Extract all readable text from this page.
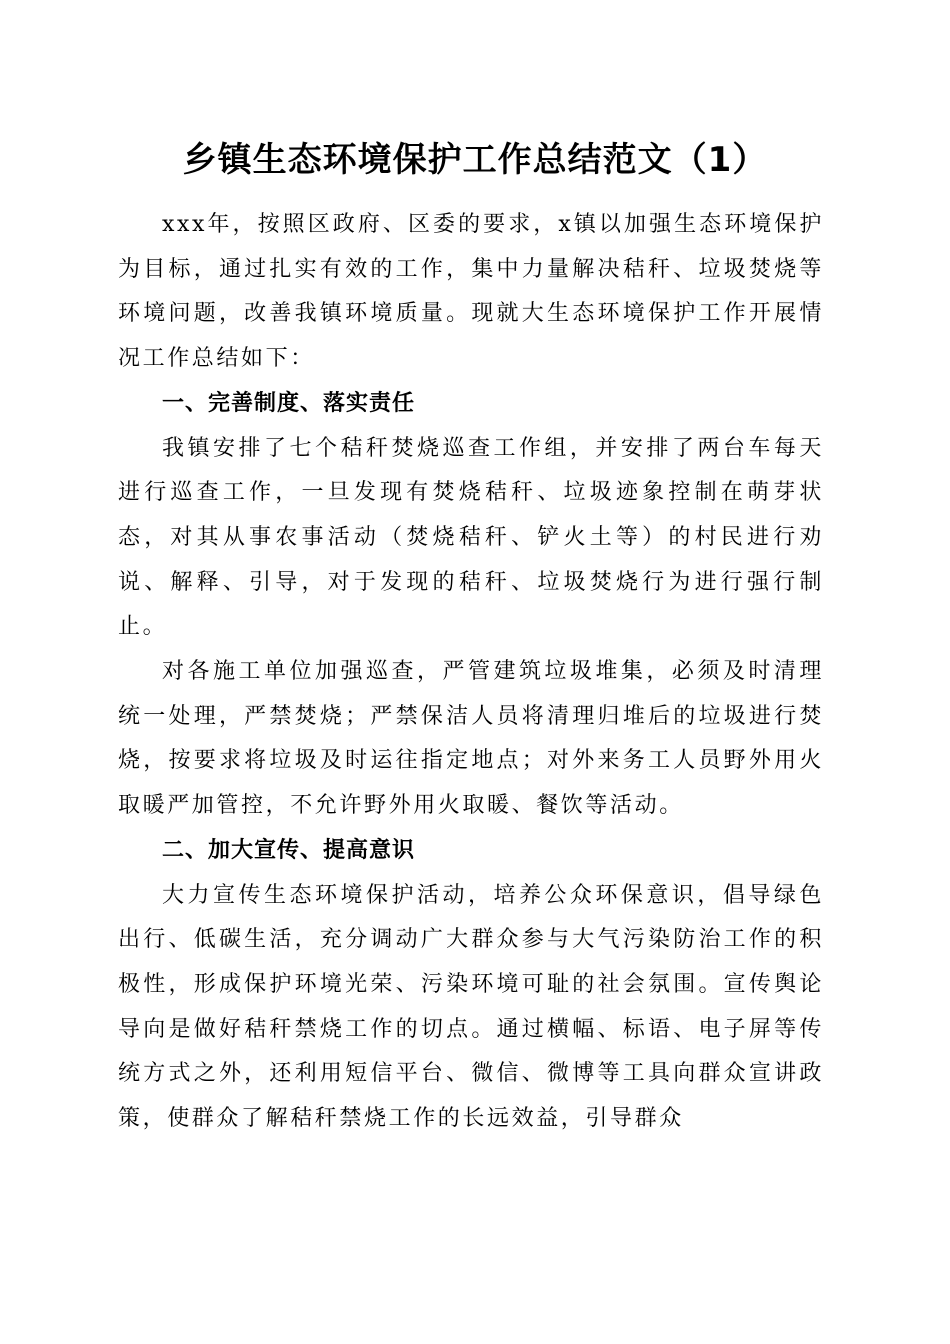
乡镇生态环境保护工作总结范文（1）

xxx年，按照区政府、区委的要求，x镇以加强生态环境保护为目标，通过扎实有效的工作，集中力量解决秸秆、垃圾焚烧等环境问题，改善我镇环境质量。现就大生态环境保护工作开展情况工作总结如下：

一、完善制度、落实责任

我镇安排了七个秸秆焚烧巡查工作组，并安排了两台车每天进行巡查工作，一旦发现有焚烧秸秆、垃圾迹象控制在萌芽状态，对其从事农事活动（焚烧秸秆、铲火土等）的村民进行劝说、解释、引导，对于发现的秸秆、垃圾焚烧行为进行强行制止。

对各施工单位加强巡查，严管建筑垃圾堆集，必须及时清理统一处理，严禁焚烧；严禁保洁人员将清理归堆后的垃圾进行焚烧，按要求将垃圾及时运往指定地点；对外来务工人员野外用火取暖严加管控，不允许野外用火取暖、餐饮等活动。

二、加大宣传、提高意识

大力宣传生态环境保护活动，培养公众环保意识，倡导绿色出行、低碳生活，充分调动广大群众参与大气污染防治工作的积极性，形成保护环境光荣、污染环境可耻的社会氛围。宣传舆论导向是做好秸秆禁烧工作的切点。通过横幅、标语、电子屏等传统方式之外，还利用短信平台、微信、微博等工具向群众宣讲政策，使群众了解秸秆禁烧工作的长远效益，引导群众
